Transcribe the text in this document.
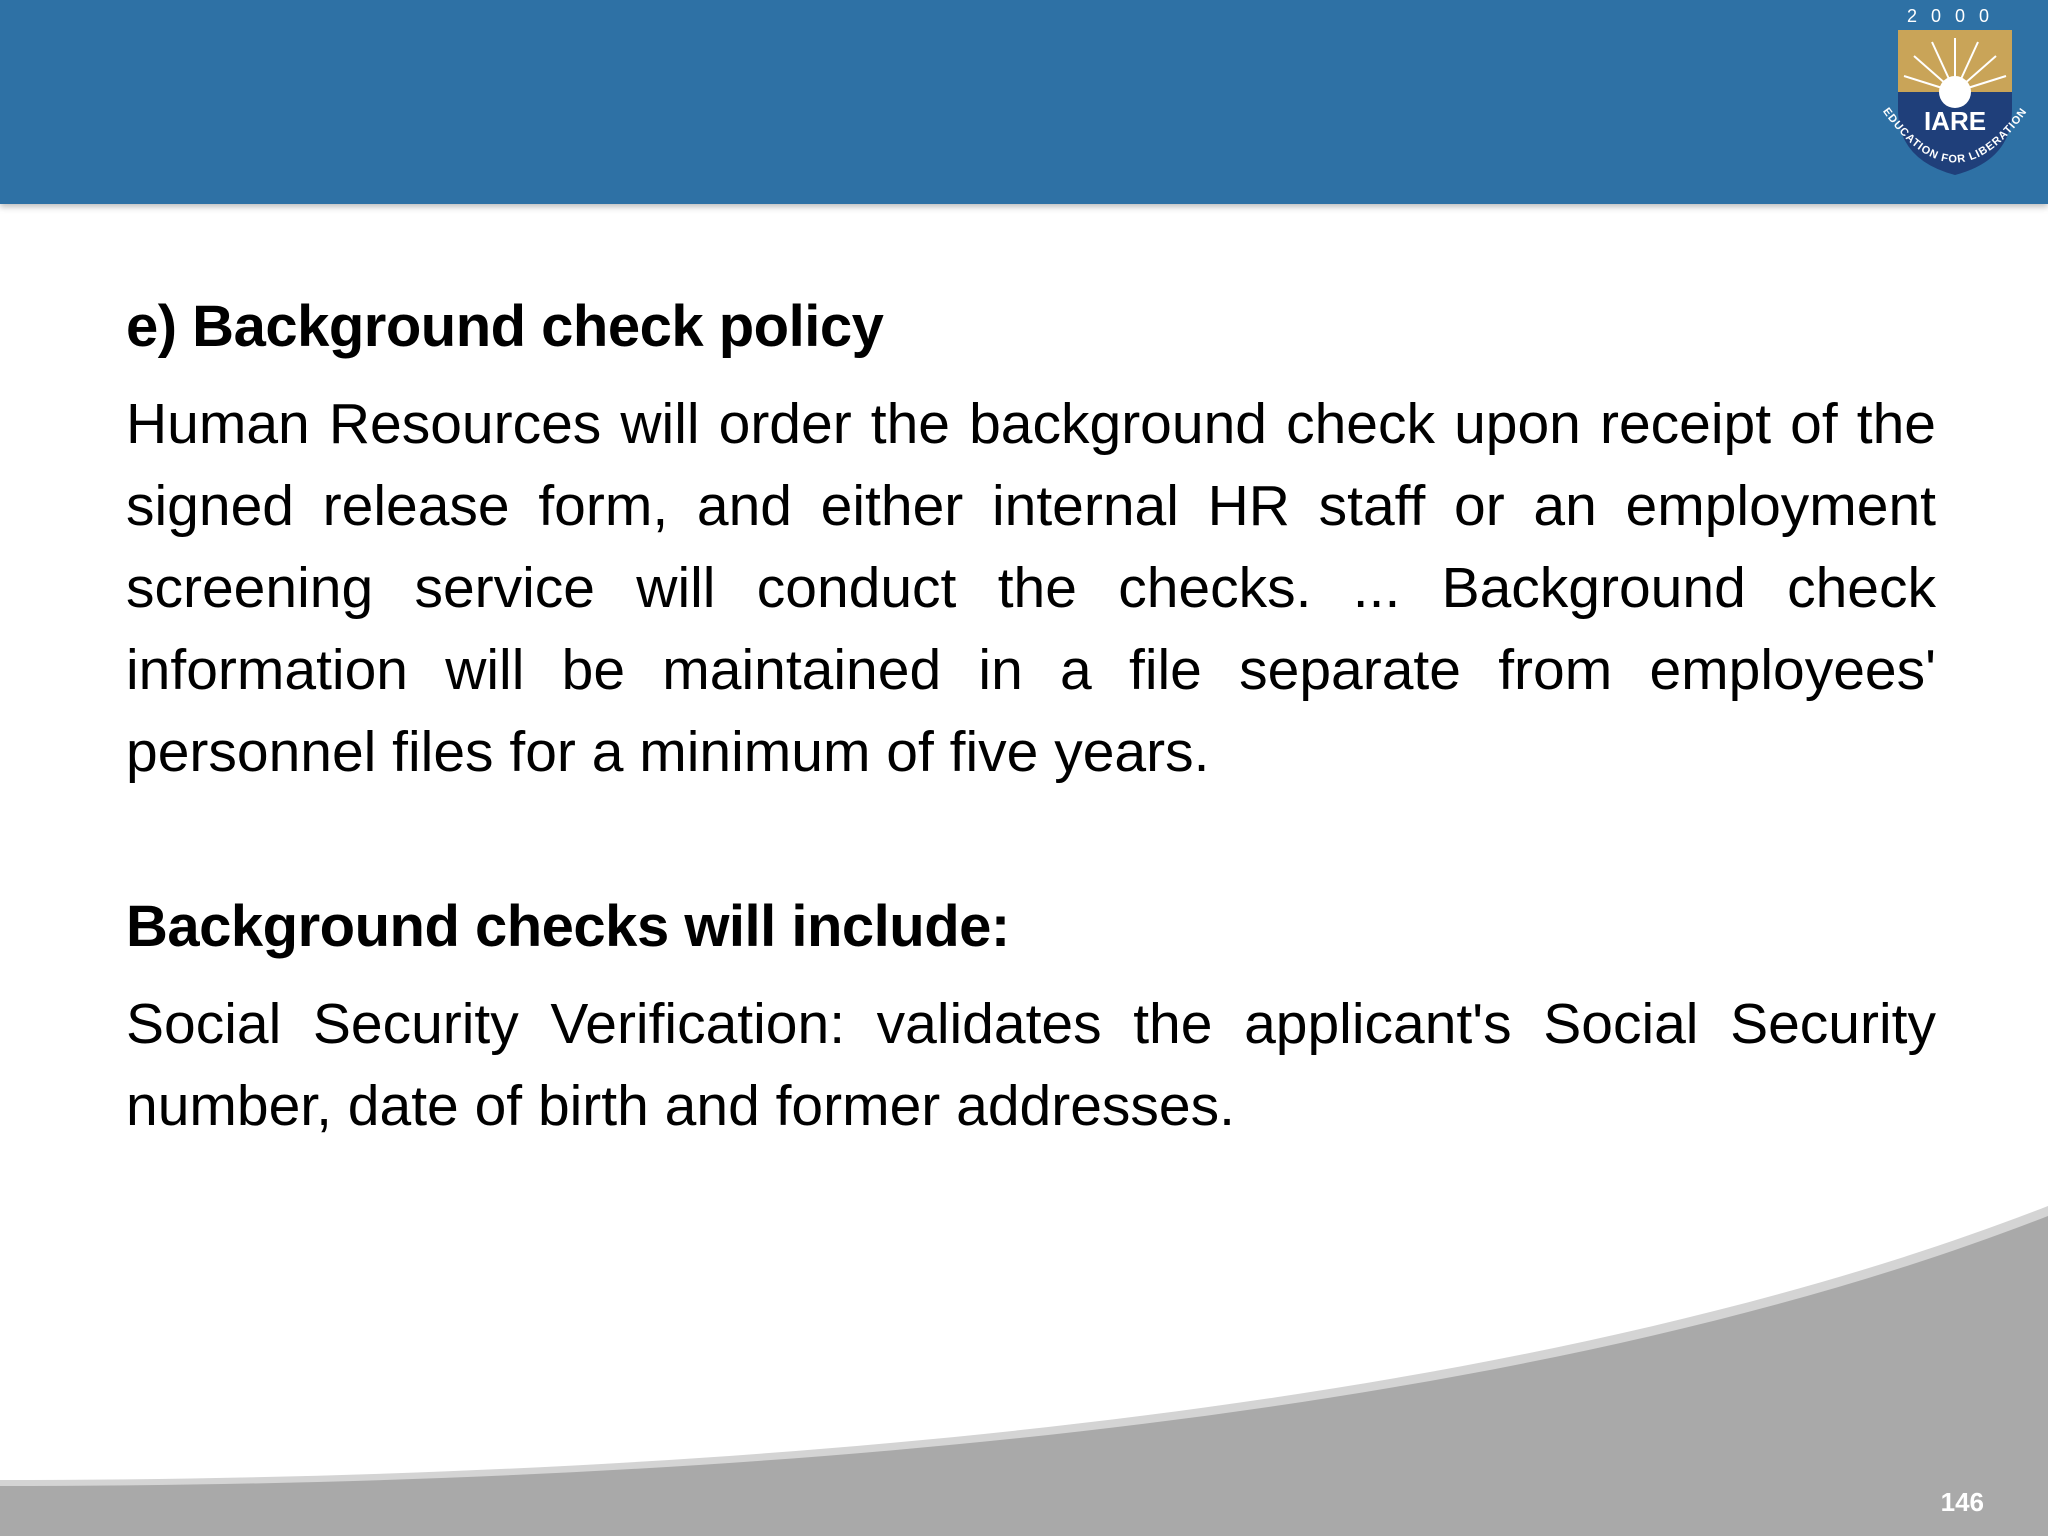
2000
IARE
EDUCATION FOR LIBERATION
e) Background check policy

Human Resources will order the background check upon receipt of the signed release form, and either internal HR staff or an employment screening service will conduct the checks. ... Background check information will be maintained in a file separate from employees' personnel files for a minimum of five years.

Background checks will include:

Social Security Verification: validates the applicant's Social Security number, date of birth and former addresses.

146
